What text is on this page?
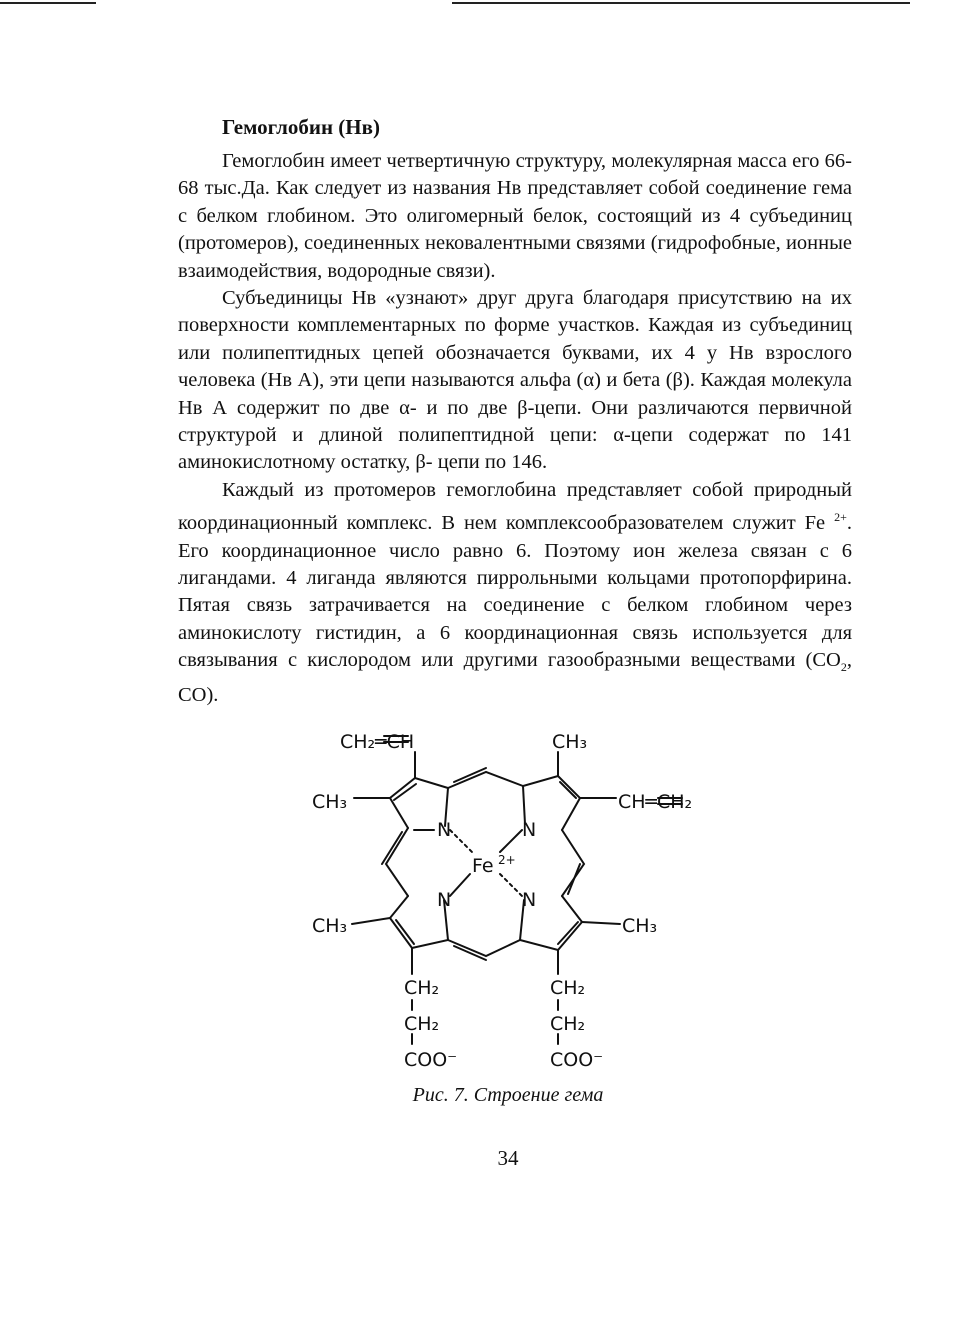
Гемоглобин (Нв)

Гемоглобин имеет четвертичную структуру, молекулярная масса его 66-68 тыс.Да. Как следует из названия Нв представляет собой соединение гема с белком глобином. Это олигомерный белок, состоящий из 4 субъединиц (протомеров), соединенных нековалентными связями (гидрофобные, ионные взаимодействия, водородные связи).

Субъединицы Нв «узнают» друг друга благодаря присутствию на их поверхности комплементарных по форме участков. Каждая из субъединиц или полипептидных цепей обозначается буквами, их 4 у Нв взрослого человека (Нв А), эти цепи называются альфа (α) и бета (β). Каждая молекула Нв А содержит по две α- и по две β-цепи. Они различаются первичной структурой и длиной полипептидной цепи: α-цепи содержат по 141 аминокислотному остатку, β- цепи по 146.

Каждый из протомеров гемоглобина представляет собой природный координационный комплекс. В нем комплексообразователем служит Fe $^{2+}$. Его координационное число равно 6. Поэтому ион железа связан с 6 лигандами. 4 лиганда являются пиррольными кольцами протопорфирина. Пятая связь затрачивается на соединение с белком глобином через аминокислоту гистидин, а 6 координационная связь используется для связывания с кислородом или другими газообразными веществами ($CO_2$, CO).

CH₂═CH	CH₃
CH₃	CH═CH₂
CH₃	CH₃
N	N
N	N
Fe 2+
CH₂
CH₂
COO⁻
CH₂
CH₂
COO⁻
Рис. 7. Строение гема
34
